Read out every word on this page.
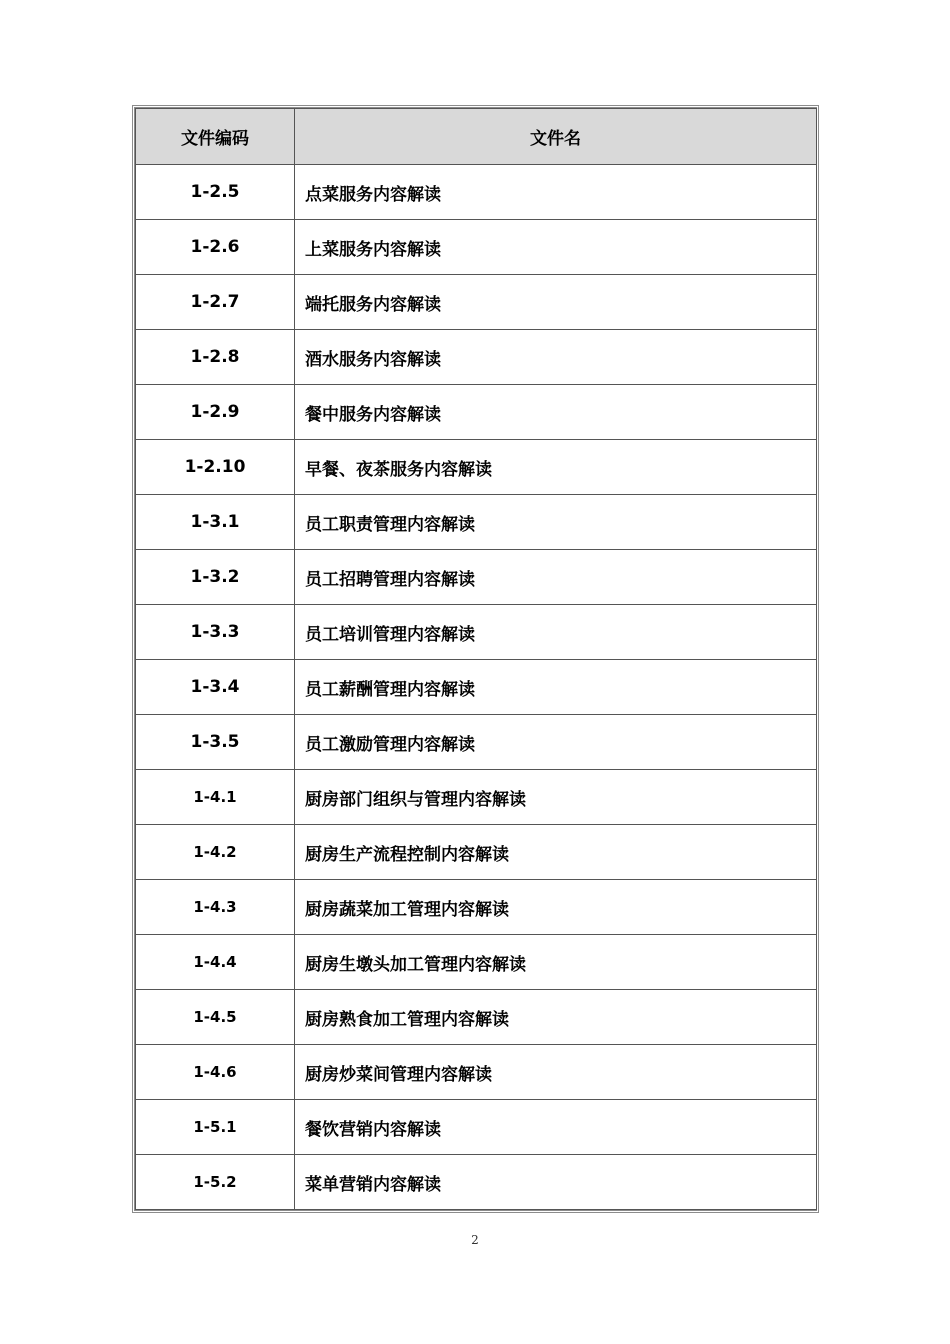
文件编码	文件名
1-2.5	点菜服务内容解读
1-2.6	上菜服务内容解读
1-2.7	端托服务内容解读
1-2.8	酒水服务内容解读
1-2.9	餐中服务内容解读
1-2.10	早餐、夜茶服务内容解读
1-3.1	员工职责管理内容解读
1-3.2	员工招聘管理内容解读
1-3.3	员工培训管理内容解读
1-3.4	员工薪酬管理内容解读
1-3.5	员工激励管理内容解读
1-4.1	厨房部门组织与管理内容解读
1-4.2	厨房生产流程控制内容解读
1-4.3	厨房蔬菜加工管理内容解读
1-4.4	厨房生墩头加工管理内容解读
1-4.5	厨房熟食加工管理内容解读
1-4.6	厨房炒菜间管理内容解读
1-5.1	餐饮营销内容解读
1-5.2	菜单营销内容解读
2
